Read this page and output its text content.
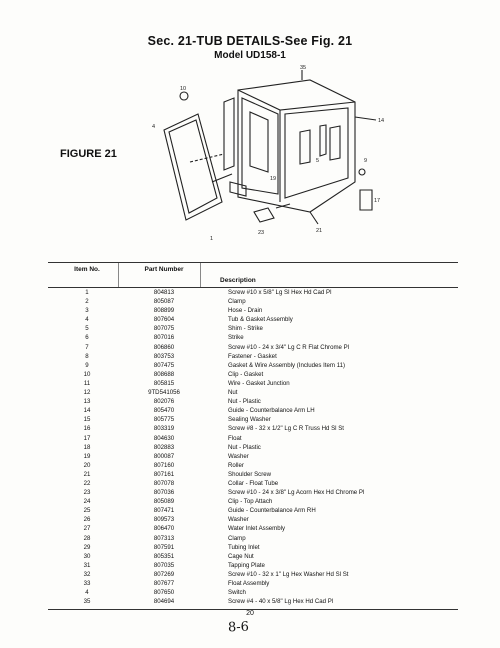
Sec. 21-TUB DETAILS-See Fig. 21
Model UD158-1
FIGURE 21
35
14
10
4
9
17
21
23
1
19
5
Item No.	Part Number
Description
1	804813	Screw #10 x 5/8" Lg Sl Hex Hd Cad Pl
2	805087	Clamp
3	808899	Hose - Drain
4	807604	Tub & Gasket Assembly
5	807075	Shim - Strike
6	807016	Strike
7	806860	Screw #10 - 24 x 3/4" Lg C R Flat Chrome Pl
8	803753	Fastener - Gasket
9	807475	Gasket & Wire Assembly (Includes Item 11)
10	808688	Clip - Gasket
11	805815	Wire - Gasket Junction
12	9TD541056	Nut
13	802076	Nut - Plastic
14	805470	Guide - Counterbalance Arm LH
15	805775	Sealing Washer
16	803319	Screw #8 - 32 x 1/2" Lg C R Truss Hd Sl St
17	804630	Float
18	802883	Nut - Plastic
19	800087	Washer
20	807160	Roller
21	807161	Shoulder Screw
22	807078	Collar - Float Tube
23	807036	Screw #10 - 24 x 3/8" Lg Acorn Hex Hd Chrome Pl
24	805089	Clip - Top Attach
25	807471	Guide - Counterbalance Arm RH
26	809573	Washer
27	806470	Water Inlet Assembly
28	807313	Clamp
29	807591	Tubing Inlet
30	805351	Cage Nut
31	807035	Tapping Plate
32	807269	Screw #10 - 32 x 1" Lg Hex Washer Hd Sl St
33	807677	Float Assembly
4	807650	Switch
35	804694	Screw #4 - 40 x 5/8" Lg Hex Hd Cad Pl
20
8-6
